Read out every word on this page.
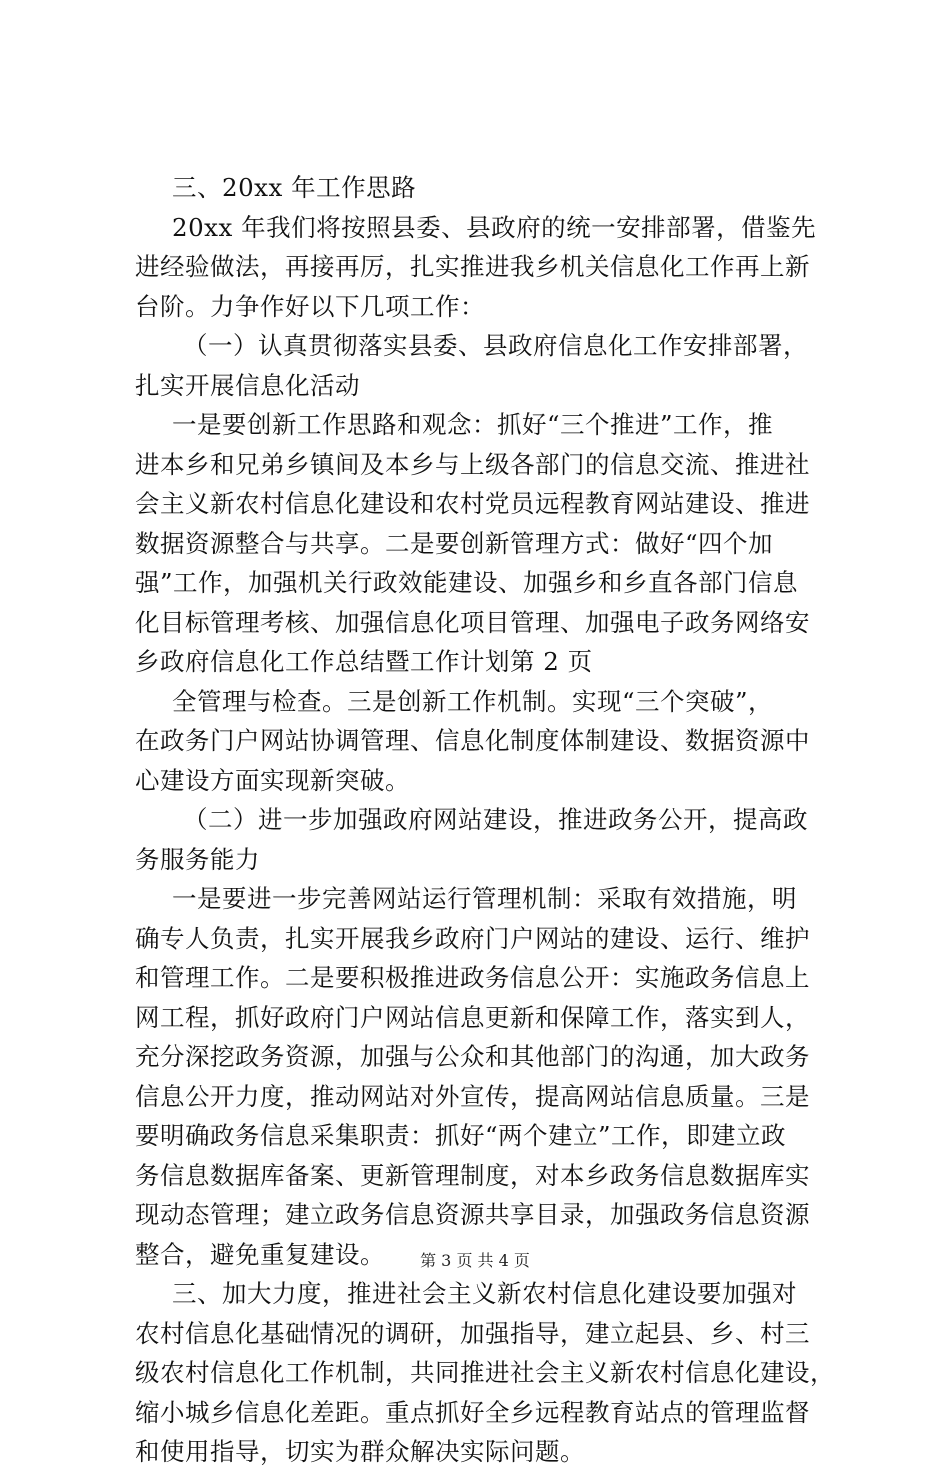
三、20xx 年工作思路
20xx 年我们将按照县委、县政府的统一安排部署，借鉴先
进经验做法，再接再厉，扎实推进我乡机关信息化工作再上新
台阶。力争作好以下几项工作：
（一）认真贯彻落实县委、县政府信息化工作安排部署，
扎实开展信息化活动
一是要创新工作思路和观念：抓好“三个推进”工作，推
进本乡和兄弟乡镇间及本乡与上级各部门的信息交流、推进社
会主义新农村信息化建设和农村党员远程教育网站建设、推进
数据资源整合与共享。二是要创新管理方式：做好“四个加
强”工作，加强机关行政效能建设、加强乡和乡直各部门信息
化目标管理考核、加强信息化项目管理、加强电子政务网络安
乡政府信息化工作总结暨工作计划第 2 页
全管理与检查。三是创新工作机制。实现“三个突破”，
在政务门户网站协调管理、信息化制度体制建设、数据资源中
心建设方面实现新突破。
（二）进一步加强政府网站建设，推进政务公开，提高政
务服务能力
一是要进一步完善网站运行管理机制：采取有效措施，明
确专人负责，扎实开展我乡政府门户网站的建设、运行、维护
和管理工作。二是要积极推进政务信息公开：实施政务信息上
网工程，抓好政府门户网站信息更新和保障工作，落实到人，
充分深挖政务资源，加强与公众和其他部门的沟通，加大政务
信息公开力度，推动网站对外宣传，提高网站信息质量。三是
要明确政务信息采集职责：抓好“两个建立”工作，即建立政
务信息数据库备案、更新管理制度，对本乡政务信息数据库实
现动态管理；建立政务信息资源共享目录，加强政务信息资源
整合，避免重复建设。
三、加大力度，推进社会主义新农村信息化建设要加强对
农村信息化基础情况的调研，加强指导，建立起县、乡、村三
级农村信息化工作机制，共同推进社会主义新农村信息化建设，
缩小城乡信息化差距。重点抓好全乡远程教育站点的管理监督
和使用指导，切实为群众解决实际问题。
第 3 页 共 4 页
